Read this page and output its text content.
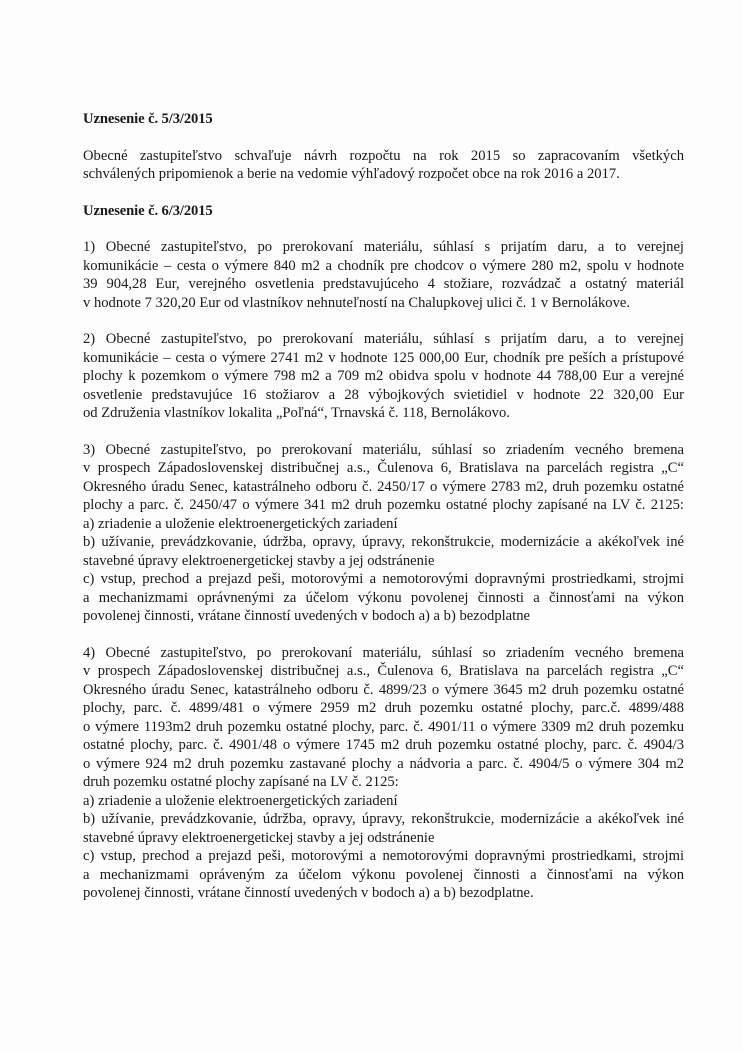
Uznesenie č. 5/3/2015

Obecné zastupiteľstvo schvaľuje návrh rozpočtu na rok 2015 so zapracovaním všetkých
schválených pripomienok a berie na vedomie výhľadový rozpočet obce na rok 2016 a 2017.

Uznesenie č. 6/3/2015

1) Obecné zastupiteľstvo, po prerokovaní materiálu, súhlasí s prijatím daru, a to verejnej
komunikácie – cesta o výmere 840 m2 a chodník pre chodcov o výmere 280 m2, spolu v hodnote
39 904,28 Eur, verejného osvetlenia predstavujúceho 4 stožiare, rozvádzač a ostatný materiál
v hodnote 7 320,20 Eur od vlastníkov nehnuteľností na Chalupkovej ulici č. 1 v Bernolákove.

2) Obecné zastupiteľstvo, po prerokovaní materiálu, súhlasí s prijatím daru, a to verejnej
komunikácie – cesta o výmere 2741 m2 v hodnote 125 000,00 Eur, chodník pre peších a prístupové
plochy k pozemkom o výmere 798 m2 a 709 m2 obidva spolu v hodnote 44 788,00 Eur a verejné
osvetlenie predstavujúce 16 stožiarov a 28 výbojkových svietidiel v hodnote 22 320,00 Eur
od Združenia vlastníkov lokalita „Poľná“, Trnavská č. 118, Bernolákovo.

3) Obecné zastupiteľstvo, po prerokovaní materiálu, súhlasí so zriadením vecného bremena
v prospech Západoslovenskej distribučnej a.s., Čulenova 6, Bratislava na parcelách registra „C“
Okresného úradu Senec, katastrálneho odboru č. 2450/17 o výmere 2783 m2, druh pozemku ostatné
plochy a parc. č. 2450/47 o výmere 341 m2 druh pozemku ostatné plochy zapísané na LV č. 2125:
a) zriadenie a uloženie elektroenergetických zariadení
b) užívanie, prevádzkovanie, údržba, opravy, úpravy, rekonštrukcie, modernizácie a akékoľvek iné
stavebné úpravy elektroenergetickej stavby a jej odstránenie
c) vstup, prechod a prejazd peši, motorovými a nemotorovými dopravnými prostriedkami, strojmi
a mechanizmami oprávnenými za účelom výkonu povolenej činnosti a činnosťami na výkon
povolenej činnosti, vrátane činností uvedených v bodoch a) a b) bezodplatne

4) Obecné zastupiteľstvo, po prerokovaní materiálu, súhlasí so zriadením vecného bremena
v prospech Západoslovenskej distribučnej a.s., Čulenova 6, Bratislava na parcelách registra „C“
Okresného úradu Senec, katastrálneho odboru č. 4899/23 o výmere 3645 m2 druh pozemku ostatné
plochy, parc. č. 4899/481 o výmere 2959 m2 druh pozemku ostatné plochy, parc.č. 4899/488
o výmere 1193m2 druh pozemku ostatné plochy, parc. č. 4901/11 o výmere 3309 m2 druh pozemku
ostatné plochy, parc. č. 4901/48 o výmere 1745 m2 druh pozemku ostatné plochy, parc. č. 4904/3
o výmere 924 m2 druh pozemku zastavané plochy a nádvoria a parc. č. 4904/5 o výmere 304 m2
druh pozemku ostatné plochy zapísané na LV č. 2125:
a) zriadenie a uloženie elektroenergetických zariadení
b) užívanie, prevádzkovanie, údržba, opravy, úpravy, rekonštrukcie, modernizácie a akékoľvek iné
stavebné úpravy elektroenergetickej stavby a jej odstránenie
c) vstup, prechod a prejazd peši, motorovými a nemotorovými dopravnými prostriedkami, strojmi
a mechanizmami opráveným za účelom výkonu povolenej činnosti a činnosťami na výkon
povolenej činnosti, vrátane činností uvedených v bodoch a) a b) bezodplatne.
